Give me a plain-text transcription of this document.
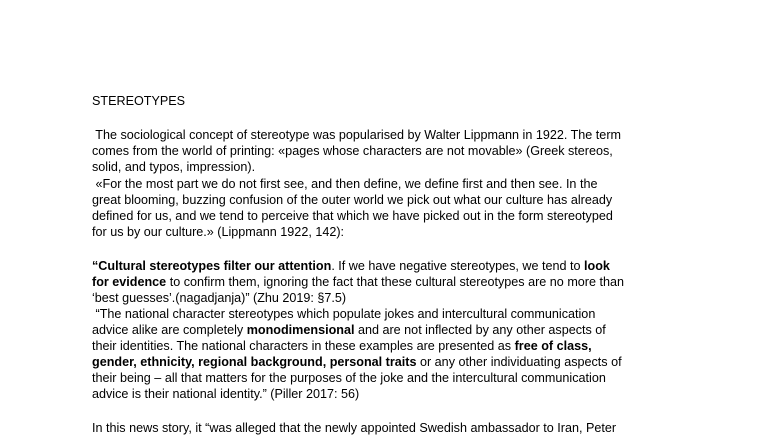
STEREOTYPES
The sociological concept of stereotype was popularised by Walter Lippmann in 1922. The term
comes from the world of printing: «pages whose characters are not movable» (Greek stereos,
solid, and typos, impression).
«For the most part we do not first see, and then define, we define first and then see. In the
great blooming, buzzing confusion of the outer world we pick out what our culture has already
defined for us, and we tend to perceive that which we have picked out in the form stereotyped
for us by our culture.» (Lippmann 1922, 142):
“Cultural stereotypes filter our attention. If we have negative stereotypes, we tend to look
for evidence to confirm them, ignoring the fact that these cultural stereotypes are no more than
‘best guesses’.(nagadjanja)” (Zhu 2019: §7.5)
“The national character stereotypes which populate jokes and intercultural communication
advice alike are completely monodimensional and are not inflected by any other aspects of
their identities. The national characters in these examples are presented as free of class,
gender, ethnicity, regional background, personal traits or any other individuating aspects of
their being – all that matters for the purposes of the joke and the intercultural communication
advice is their national identity.” (Piller 2017: 56)
In this news story, it “was alleged that the newly appointed Swedish ambassador to Iran, Peter
